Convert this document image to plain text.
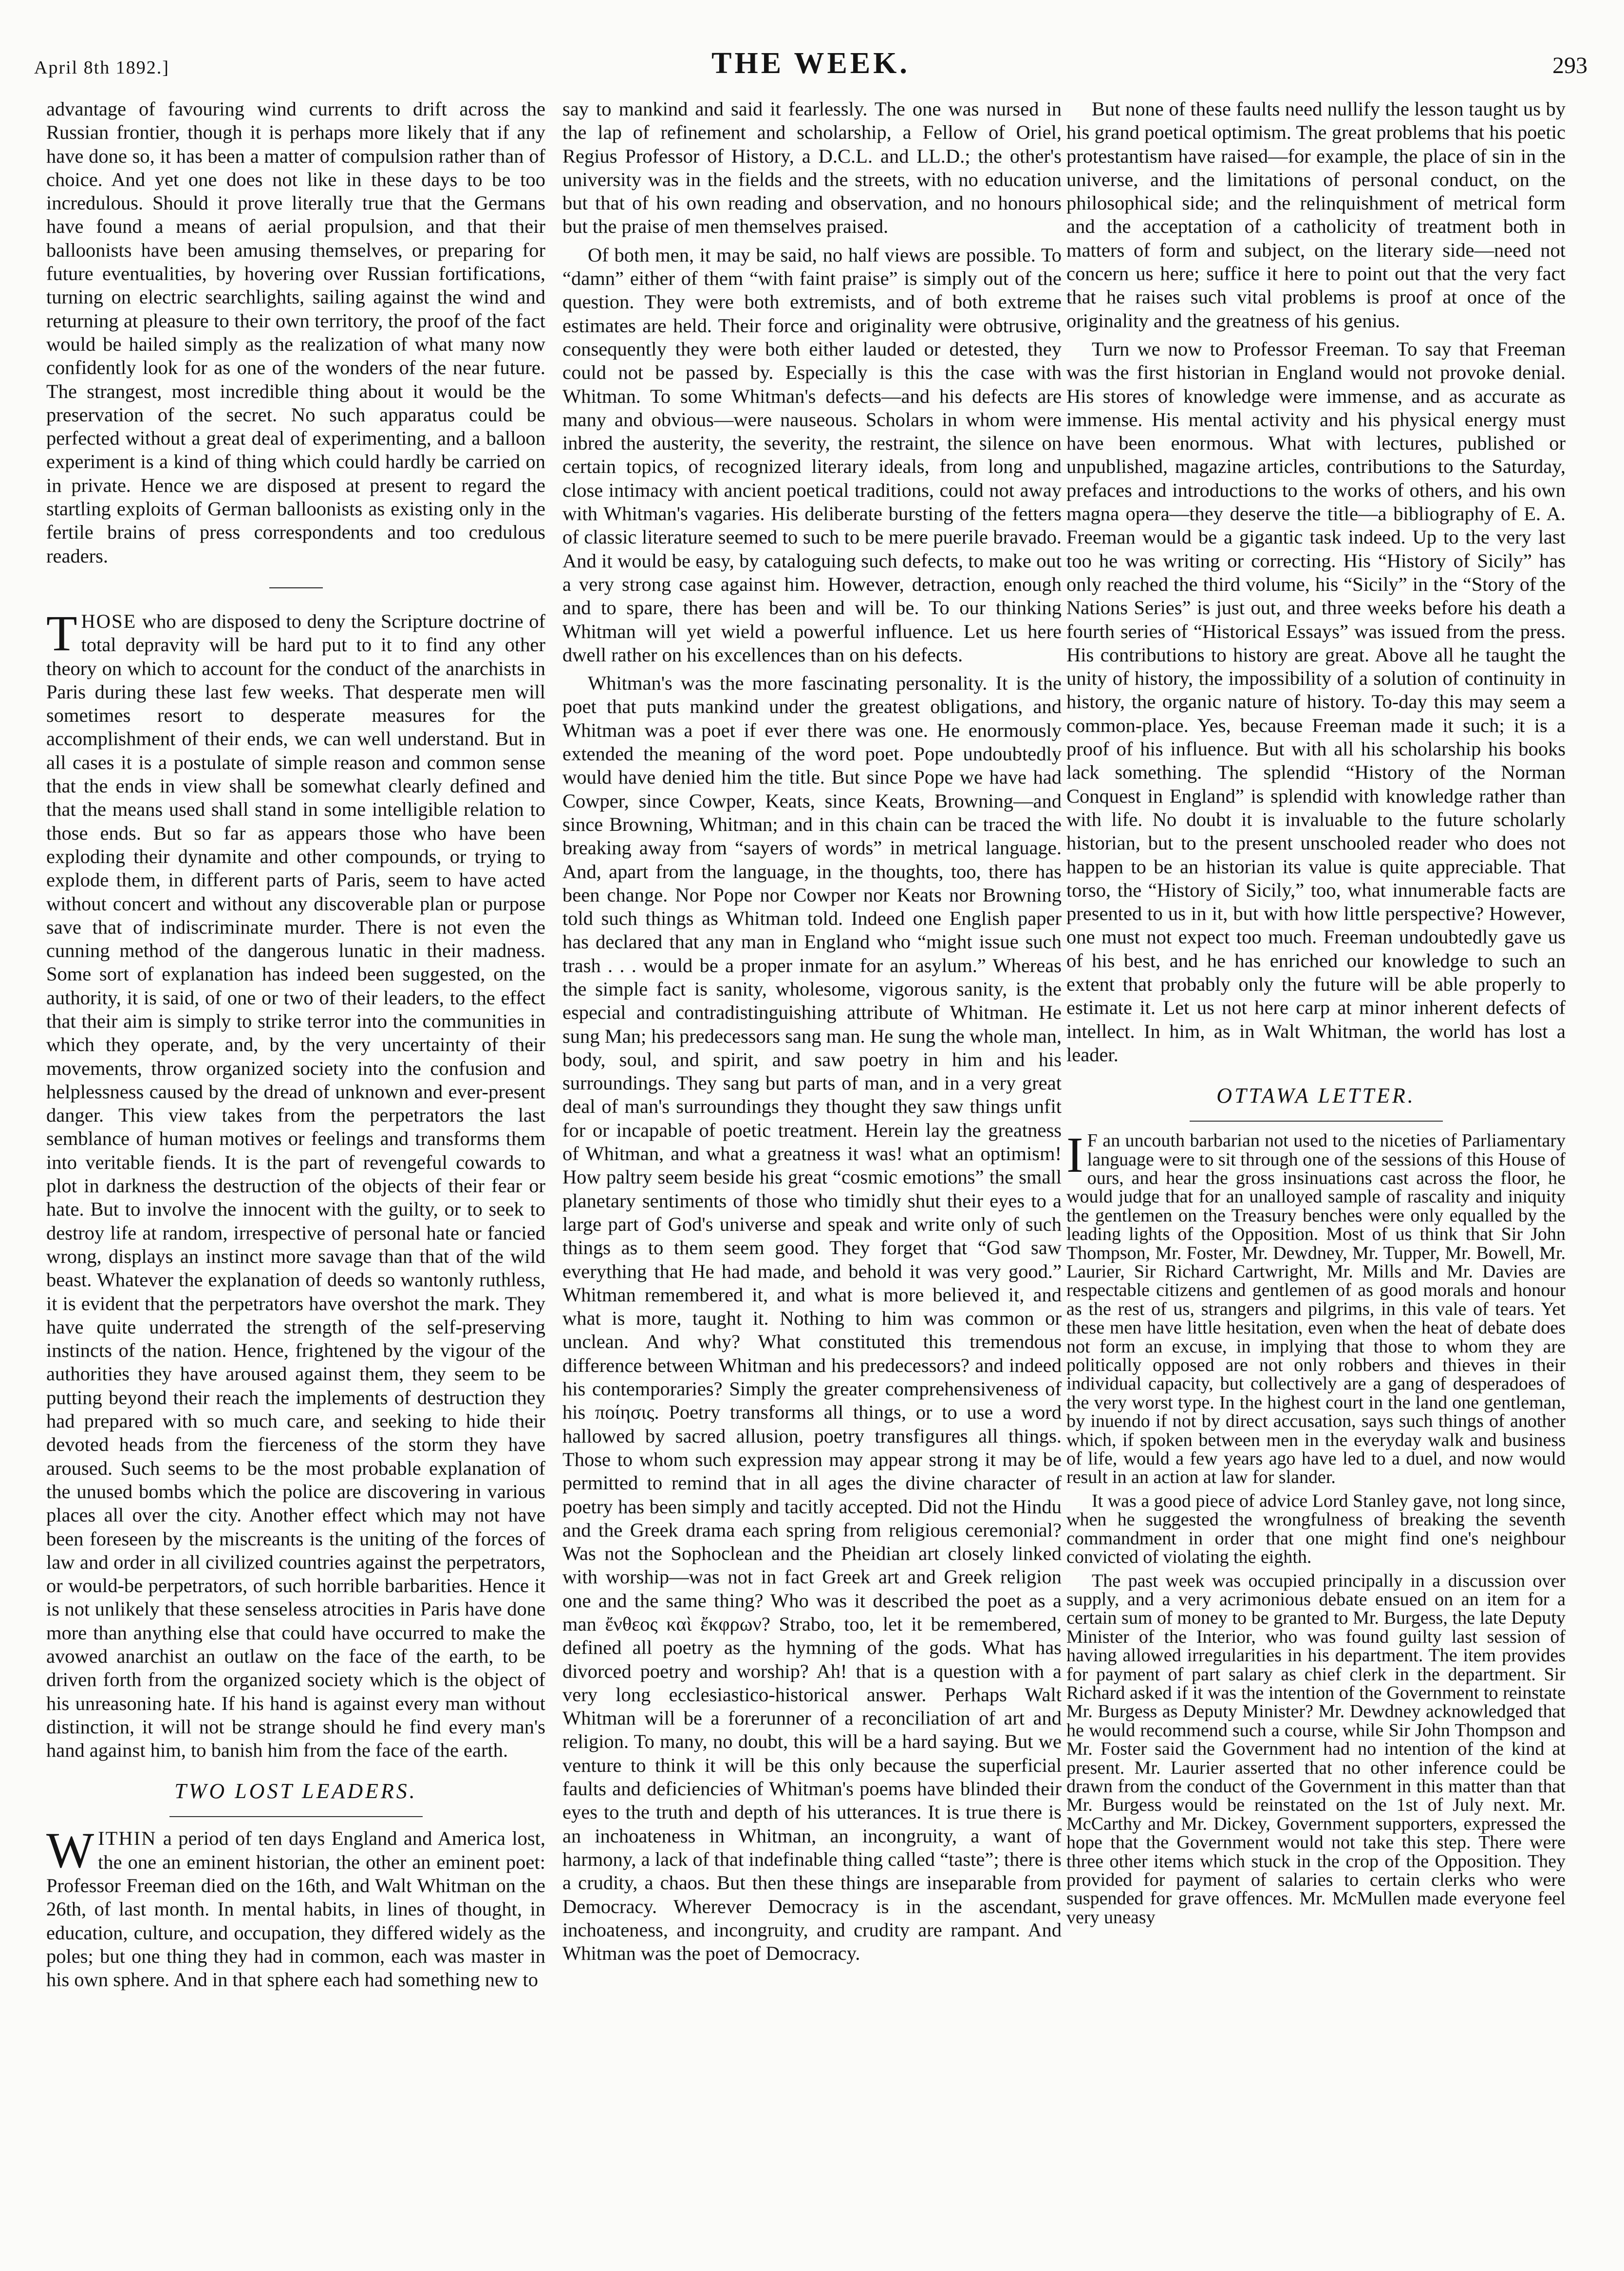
April 8th 1892.]	THE WEEK.	293

advantage of favouring wind currents to drift across the Russian frontier, though it is perhaps more likely that if any have done so, it has been a matter of compulsion rather than of choice. And yet one does not like in these days to be too incredulous. Should it prove literally true that the Germans have found a means of aerial propulsion, and that their balloonists have been amusing themselves, or preparing for future eventualities, by hovering over Russian fortifications, turning on electric searchlights, sailing against the wind and returning at pleasure to their own territory, the proof of the fact would be hailed simply as the realization of what many now confidently look for as one of the wonders of the near future. The strangest, most incredible thing about it would be the preservation of the secret. No such apparatus could be perfected without a great deal of experimenting, and a balloon experiment is a kind of thing which could hardly be carried on in private. Hence we are disposed at present to regard the startling exploits of German balloonists as existing only in the fertile brains of press correspondents and too credulous readers.

THOSE who are disposed to deny the Scripture doctrine of total depravity will be hard put to it to find any other theory on which to account for the conduct of the anarchists in Paris during these last few weeks. That desperate men will sometimes resort to desperate measures for the accomplishment of their ends, we can well understand. But in all cases it is a postulate of simple reason and common sense that the ends in view shall be somewhat clearly defined and that the means used shall stand in some intelligible relation to those ends. But so far as appears those who have been exploding their dynamite and other compounds, or trying to explode them, in different parts of Paris, seem to have acted without concert and without any discoverable plan or purpose save that of indiscriminate murder. There is not even the cunning method of the dangerous lunatic in their madness. Some sort of explanation has indeed been suggested, on the authority, it is said, of one or two of their leaders, to the effect that their aim is simply to strike terror into the communities in which they operate, and, by the very uncertainty of their movements, throw organized society into the confusion and helplessness caused by the dread of unknown and ever-present danger. This view takes from the perpetrators the last semblance of human motives or feelings and transforms them into veritable fiends. It is the part of revengeful cowards to plot in darkness the destruction of the objects of their fear or hate. But to involve the innocent with the guilty, or to seek to destroy life at random, irrespective of personal hate or fancied wrong, displays an instinct more savage than that of the wild beast. Whatever the explanation of deeds so wantonly ruthless, it is evident that the perpetrators have overshot the mark. They have quite underrated the strength of the self-preserving instincts of the nation. Hence, frightened by the vigour of the authorities they have aroused against them, they seem to be putting beyond their reach the implements of destruction they had prepared with so much care, and seeking to hide their devoted heads from the fierceness of the storm they have aroused. Such seems to be the most probable explanation of the unused bombs which the police are discovering in various places all over the city. Another effect which may not have been foreseen by the miscreants is the uniting of the forces of law and order in all civilized countries against the perpetrators, or would-be perpetrators, of such horrible barbarities. Hence it is not unlikely that these senseless atrocities in Paris have done more than anything else that could have occurred to make the avowed anarchist an outlaw on the face of the earth, to be driven forth from the organized society which is the object of his unreasoning hate. If his hand is against every man without distinction, it will not be strange should he find every man's hand against him, to banish him from the face of the earth.

TWO LOST LEADERS.

WITHIN a period of ten days England and America lost, the one an eminent historian, the other an eminent poet: Professor Freeman died on the 16th, and Walt Whitman on the 26th, of last month. In mental habits, in lines of thought, in education, culture, and occupation, they differed widely as the poles; but one thing they had in common, each was master in his own sphere. And in that sphere each had something new to

say to mankind and said it fearlessly. The one was nursed in the lap of refinement and scholarship, a Fellow of Oriel, Regius Professor of History, a D.C.L. and LL.D.; the other's university was in the fields and the streets, with no education but that of his own reading and observation, and no honours but the praise of men themselves praised.

Of both men, it may be said, no half views are possible. To “damn” either of them “with faint praise” is simply out of the question. They were both extremists, and of both extreme estimates are held. Their force and originality were obtrusive, consequently they were both either lauded or detested, they could not be passed by. Especially is this the case with Whitman. To some Whitman's defects—and his defects are many and obvious—were nauseous. Scholars in whom were inbred the austerity, the severity, the restraint, the silence on certain topics, of recognized literary ideals, from long and close intimacy with ancient poetical traditions, could not away with Whitman's vagaries. His deliberate bursting of the fetters of classic literature seemed to such to be mere puerile bravado. And it would be easy, by cataloguing such defects, to make out a very strong case against him. However, detraction, enough and to spare, there has been and will be. To our thinking Whitman will yet wield a powerful influence. Let us here dwell rather on his excellences than on his defects.

Whitman's was the more fascinating personality. It is the poet that puts mankind under the greatest obligations, and Whitman was a poet if ever there was one. He enormously extended the meaning of the word poet. Pope undoubtedly would have denied him the title. But since Pope we have had Cowper, since Cowper, Keats, since Keats, Browning—and since Browning, Whitman; and in this chain can be traced the breaking away from “sayers of words” in metrical language. And, apart from the language, in the thoughts, too, there has been change. Nor Pope nor Cowper nor Keats nor Browning told such things as Whitman told. Indeed one English paper has declared that any man in England who “might issue such trash . . . would be a proper inmate for an asylum.” Whereas the simple fact is sanity, wholesome, vigorous sanity, is the especial and contradistinguishing attribute of Whitman. He sung Man; his predecessors sang man. He sung the whole man, body, soul, and spirit, and saw poetry in him and his surroundings. They sang but parts of man, and in a very great deal of man's surroundings they thought they saw things unfit for or incapable of poetic treatment. Herein lay the greatness of Whitman, and what a greatness it was! what an optimism! How paltry seem beside his great “cosmic emotions” the small planetary sentiments of those who timidly shut their eyes to a large part of God's universe and speak and write only of such things as to them seem good. They forget that “God saw everything that He had made, and behold it was very good.” Whitman remembered it, and what is more believed it, and what is more, taught it. Nothing to him was common or unclean. And why? What constituted this tremendous difference between Whitman and his predecessors? and indeed his contemporaries? Simply the greater comprehensiveness of his ποίησις. Poetry transforms all things, or to use a word hallowed by sacred allusion, poetry transfigures all things. Those to whom such expression may appear strong it may be permitted to remind that in all ages the divine character of poetry has been simply and tacitly accepted. Did not the Hindu and the Greek drama each spring from religious ceremonial? Was not the Sophoclean and the Pheidian art closely linked with worship—was not in fact Greek art and Greek religion one and the same thing? Who was it described the poet as a man ἔνθεος καὶ ἔκφρων? Strabo, too, let it be remembered, defined all poetry as the hymning of the gods. What has divorced poetry and worship? Ah! that is a question with a very long ecclesiastico-historical answer. Perhaps Walt Whitman will be a forerunner of a reconciliation of art and religion. To many, no doubt, this will be a hard saying. But we venture to think it will be this only because the superficial faults and deficiencies of Whitman's poems have blinded their eyes to the truth and depth of his utterances. It is true there is an inchoateness in Whitman, an incongruity, a want of harmony, a lack of that indefinable thing called “taste”; there is a crudity, a chaos. But then these things are inseparable from Democracy. Wherever Democracy is in the ascendant, inchoateness, and incongruity, and crudity are rampant. And Whitman was the poet of Democracy.

But none of these faults need nullify the lesson taught us by his grand poetical optimism. The great problems that his poetic protestantism have raised—for example, the place of sin in the universe, and the limitations of personal conduct, on the philosophical side; and the relinquishment of metrical form and the acceptation of a catholicity of treatment both in matters of form and subject, on the literary side—need not concern us here; suffice it here to point out that the very fact that he raises such vital problems is proof at once of the originality and the greatness of his genius.

Turn we now to Professor Freeman. To say that Freeman was the first historian in England would not provoke denial. His stores of knowledge were immense, and as accurate as immense. His mental activity and his physical energy must have been enormous. What with lectures, published or unpublished, magazine articles, contributions to the Saturday, prefaces and introductions to the works of others, and his own magna opera—they deserve the title—a bibliography of E. A. Freeman would be a gigantic task indeed. Up to the very last too he was writing or correcting. His “History of Sicily” has only reached the third volume, his “Sicily” in the “Story of the Nations Series” is just out, and three weeks before his death a fourth series of “Historical Essays” was issued from the press. His contributions to history are great. Above all he taught the unity of history, the impossibility of a solution of continuity in history, the organic nature of history. To-day this may seem a common-place. Yes, because Freeman made it such; it is a proof of his influence. But with all his scholarship his books lack something. The splendid “History of the Norman Conquest in England” is splendid with knowledge rather than with life. No doubt it is invaluable to the future scholarly historian, but to the present unschooled reader who does not happen to be an historian its value is quite appreciable. That torso, the “History of Sicily,” too, what innumerable facts are presented to us in it, but with how little perspective? However, one must not expect too much. Freeman undoubtedly gave us of his best, and he has enriched our knowledge to such an extent that probably only the future will be able properly to estimate it. Let us not here carp at minor inherent defects of intellect. In him, as in Walt Whitman, the world has lost a leader.

OTTAWA LETTER.

I F an uncouth barbarian not used to the niceties of Parliamentary language were to sit through one of the sessions of this House of ours, and hear the gross insinuations cast across the floor, he would judge that for an unalloyed sample of rascality and iniquity the gentlemen on the Treasury benches were only equalled by the leading lights of the Opposition. Most of us think that Sir John Thompson, Mr. Foster, Mr. Dewdney, Mr. Tupper, Mr. Bowell, Mr. Laurier, Sir Richard Cartwright, Mr. Mills and Mr. Davies are respectable citizens and gentlemen of as good morals and honour as the rest of us, strangers and pilgrims, in this vale of tears. Yet these men have little hesitation, even when the heat of debate does not form an excuse, in implying that those to whom they are politically opposed are not only robbers and thieves in their individual capacity, but collectively are a gang of desperadoes of the very worst type. In the highest court in the land one gentleman, by inuendo if not by direct accusation, says such things of another which, if spoken between men in the everyday walk and business of life, would a few years ago have led to a duel, and now would result in an action at law for slander.

It was a good piece of advice Lord Stanley gave, not long since, when he suggested the wrongfulness of breaking the seventh commandment in order that one might find one's neighbour convicted of violating the eighth.

The past week was occupied principally in a discussion over supply, and a very acrimonious debate ensued on an item for a certain sum of money to be granted to Mr. Burgess, the late Deputy Minister of the Interior, who was found guilty last session of having allowed irregularities in his department. The item provides for payment of part salary as chief clerk in the department. Sir Richard asked if it was the intention of the Government to reinstate Mr. Burgess as Deputy Minister? Mr. Dewdney acknowledged that he would recommend such a course, while Sir John Thompson and Mr. Foster said the Government had no intention of the kind at present. Mr. Laurier asserted that no other inference could be drawn from the conduct of the Government in this matter than that Mr. Burgess would be reinstated on the 1st of July next. Mr. McCarthy and Mr. Dickey, Government supporters, expressed the hope that the Government would not take this step. There were three other items which stuck in the crop of the Opposition. They provided for payment of salaries to certain clerks who were suspended for grave offences. Mr. McMullen made everyone feel very uneasy
